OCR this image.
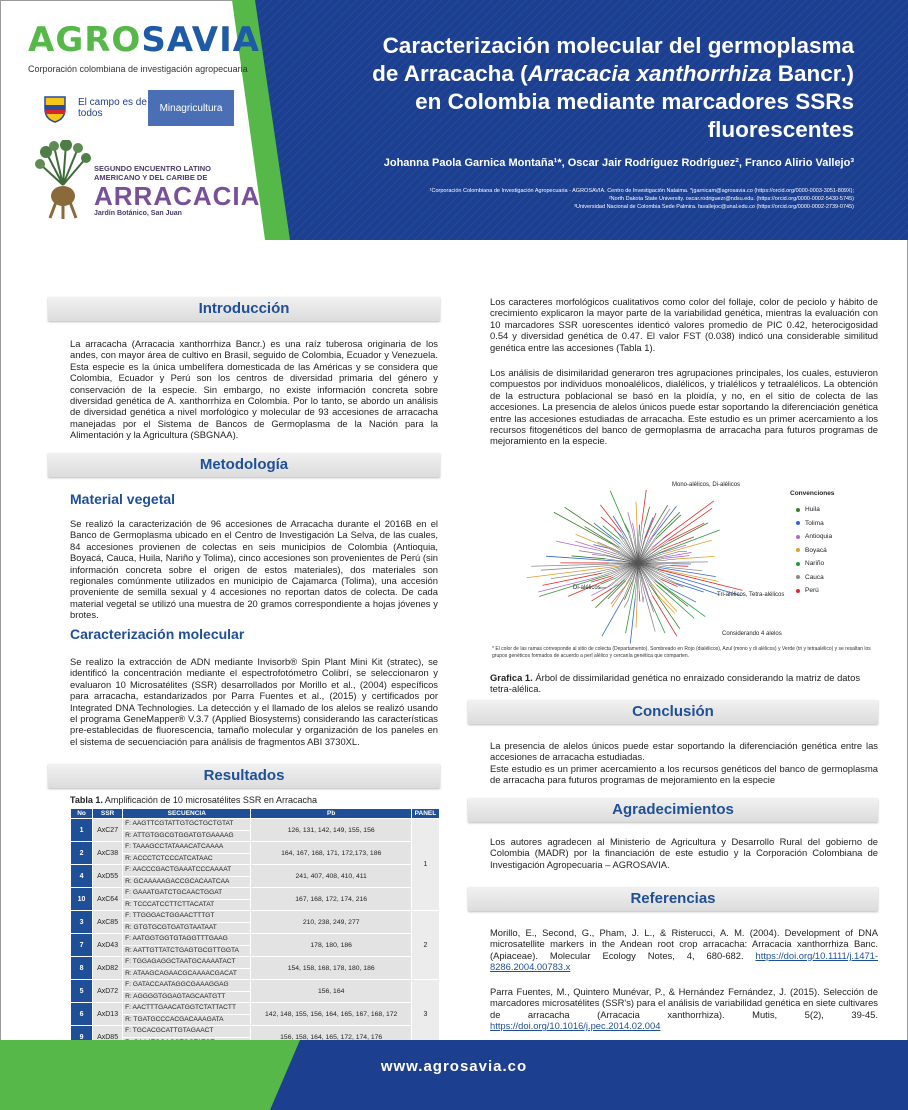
AGROSAVIA
Corporación colombiana de investigación agropecuaria
El campo es de todos	Minagricultura
SEGUNDO ENCUENTRO LATINO
AMERICANO Y DEL CARIBE DE
ARRACACIA
Jardín Botánico, San Juan
Caracterización molecular del germoplasma de Arracacha (Arracacia xanthorrhiza Bancr.) en Colombia mediante marcadores SSRs fluorescentes
Johanna Paola Garnica Montaña¹*, Oscar Jair Rodríguez Rodríguez², Franco Alirio Vallejo³
¹Corporación Colombiana de Investigación Agropecuaria - AGROSAVIA. Centro de Investigación Nataima. *jgarnicam@agrosavia.co (https://orcid.org/0000-0003-3051-809X);
²North Dakota State University. oscar.rodriguezr@ndsu.edu. (https://orcid.org/0000-0002-5430-5745)
³Universidad Nacional de Colombia Sede Palmira. favallejoc@unal.edu.co (https://orcid.org/0000-0002-2739-0745)
Introducción
La arracacha (Arracacia xanthorrhiza Bancr.) es una raíz tuberosa originaria de los andes, con mayor área de cultivo en Brasil, seguido de Colombia, Ecuador y Venezuela. Esta especie es la única umbelífera domesticada de las Américas y se considera que Colombia, Ecuador y Perú son los centros de diversidad primaria del género y conservación de la especie. Sin embargo, no existe información concreta sobre diversidad genética de A. xanthorrhiza en Colombia. Por lo tanto, se abordo un análisis de diversidad genética a nivel morfológico y molecular de 93 accesiones de arracacha manejadas por el Sistema de Bancos de Germoplasma de la Nación para la Alimentación y la Agricultura (SBGNAA).
Metodología
Material vegetal
Se realizó la caracterización de 96 accesiones de Arracacha durante el 2016B en el Banco de Germoplasma ubicado en el Centro de Investigación La Selva, de las cuales, 84 accesiones provienen de colectas en seis municipios de Colombia (Antioquia, Boyacá, Cauca, Huila, Nariño y Tolima), cinco accesiones son provenientes de Perú (sin información concreta sobre el origen de estos materiales), dos materiales son regionales comúnmente utilizados en municipio de Cajamarca (Tolima), una accesión proveniente de semilla sexual y 4 accesiones no reportan datos de colecta. De cada material vegetal se utilizó una muestra de 20 gramos correspondiente a hojas jóvenes y brotes.
Caracterización molecular
Se realizo la extracción de ADN mediante Invisorb® Spin Plant Mini Kit (stratec), se identificó la concentración mediante el espectrofotómetro Colibrí, se seleccionaron y evaluaron 10 Microsatélites (SSR) desarrollados por Morillo et al., (2004) específicos para arracacha, estandarizados por Parra Fuentes et al., (2015) y certificados por Integrated DNA Technologies. La detección y el llamado de los alelos se realizó usando el programa GeneMapper® V.3.7 (Applied Biosystems) considerando las características pre-establecidas de fluorescencia, tamaño molecular y organización de los paneles en el sistema de secuenciación para análisis de fragmentos ABI 3730XL.
Resultados
Tabla 1. Amplificación de 10 microsatélites SSR en Arracacha
No	SSR	SECUENCIA	Pb	PANEL
1	AxC27	F: AAGTTCGTATTGTGCTGCTGTAT	126, 131, 142, 149, 155, 156	1
		R: ATTGTGGCGTGGATGTGAAAAG		
2	AxC38	F: TAAAGCCTATAAACATCAAAA	164, 167, 168, 171, 172,173, 186	
		R: ACCCTCTCCCATCATAAC		
4	AxD55	F: AACCCGACTGAAATCCCAAAAT	241, 407, 408, 410, 411	
		R: GCAAAAAGACCGCACAATCAA		
10	AxC64	F: GAAATGATCTGCAACTGGAT	167, 168, 172, 174, 216	
		R: TCCCATCCTTCTTACATAT		
3	AxC85	F: TTGGGACTGGAACTTTGT	210, 238, 249, 277	2
		R: GTGTGCGTGATGTAATAAT		
7	AxD43	F: AATGGTGGTGTAGGTTTGAAG	178, 180, 186	
		R: AATTGTTATCTGAGTGCGTTGGTA		
8	AxD82	F: TGGAGAGGCTAATGCAAAATACT	154, 158, 168, 178, 180, 186	
		R: ATAAGCAGAACGCAAAACGACAT		
5	AxD72	F: GATACCAATAGGCGAAAGGAG	156, 164	3
		R: AGGGGTGGAGTAGCAATGTT		
6	AxD13	F: AACTTTGAACATGGTCTATTACTT	142, 148, 155, 156, 164, 165, 167, 168, 172	
		R: TGATGCCCACGACAAAGATA		
9	AxD85	F: TGCACGCATTGTAGAACT	156, 158, 164, 165, 172, 174, 176	

Los caracteres morfológicos cualitativos como color del follaje, color de peciolo y hábito de crecimiento explicaron la mayor parte de la variabilidad genética, mientras la evaluación con 10 marcadores SSR uorescentes identicó valores promedio de PIC 0.42, heterocigosidad 0.54 y diversidad genética de 0.47. El valor FST (0.038) indicó una considerable similitud genética entre las accesiones (Tabla 1).
Los análisis de disimilaridad generaron tres agrupaciones principales, los cuales, estuvieron compuestos por individuos monoalélicos, dialélicos, y trialélicos y tetraalélicos. La obtención de la estructura poblacional se basó en la ploidía, y no, en el sitio de colecta de las accesiones. La presencia de alelos únicos puede estar soportando la diferenciación genética entre las accesiones estudiadas de arracacha. Este estudio es un primer acercamiento a los recursos fitogenéticos del banco de germoplasma de arracacha para futuros programas de mejoramiento en la especie.
Mono-alélicos, Di-alélicos
Di-alélicos
Tri-alélicos, Tetra-alélicos
Considerando 4 alelos
Convenciones
Huila
Tolima
Antioquia
Boyacá
Nariño
Cauca
Perú
* El color de las ramas corresponde al sitio de colecta (Departamento). Sombreado en Rojo (dialélicos), Azul (mono y di alélicos) y Verde (tri y tetraalélico) y se resaltan los grupos genéticos formados de acuerdo a perl alélico y cercanía genética que comparten.
Grafica 1. Árbol de dissimilaridad genética no enraizado considerando la matriz de datos tetra-alélica.
Conclusión
La presencia de alelos únicos puede estar soportando la diferenciación genética entre las accesiones de arracacha estudiadas.
Este estudio es un primer acercamiento a los recursos genéticos del banco de germoplasma de arracacha para futuros programas de mejoramiento en la especie
Agradecimientos
Los autores agradecen al Ministerio de Agricultura y Desarrollo Rural del gobierno de Colombia (MADR) por la financiación de este estudio y la Corporación Colombiana de Investigación Agropecuaria – AGROSAVIA.
Referencias
Morillo, E., Second, G., Pham, J. L., & Risterucci, A. M. (2004). Development of DNA microsatellite markers in the Andean root crop arracacha: Arracacia xanthorrhiza Banc. (Apiaceae). Molecular Ecology Notes, 4, 680-682. https://doi.org/10.1111/j.1471-8286.2004.00783.x
Parra Fuentes, M., Quintero Munévar, P., & Hernández Fernández, J. (2015). Selección de marcadores microsatélites (SSR's) para el análisis de variabilidad genética en siete cultivares de arracacha (Arracacia xanthorrhiza). Mutis, 5(2), 39-45. https://doi.org/10.1016/j.pec.2014.02.004
www.agrosavia.co
